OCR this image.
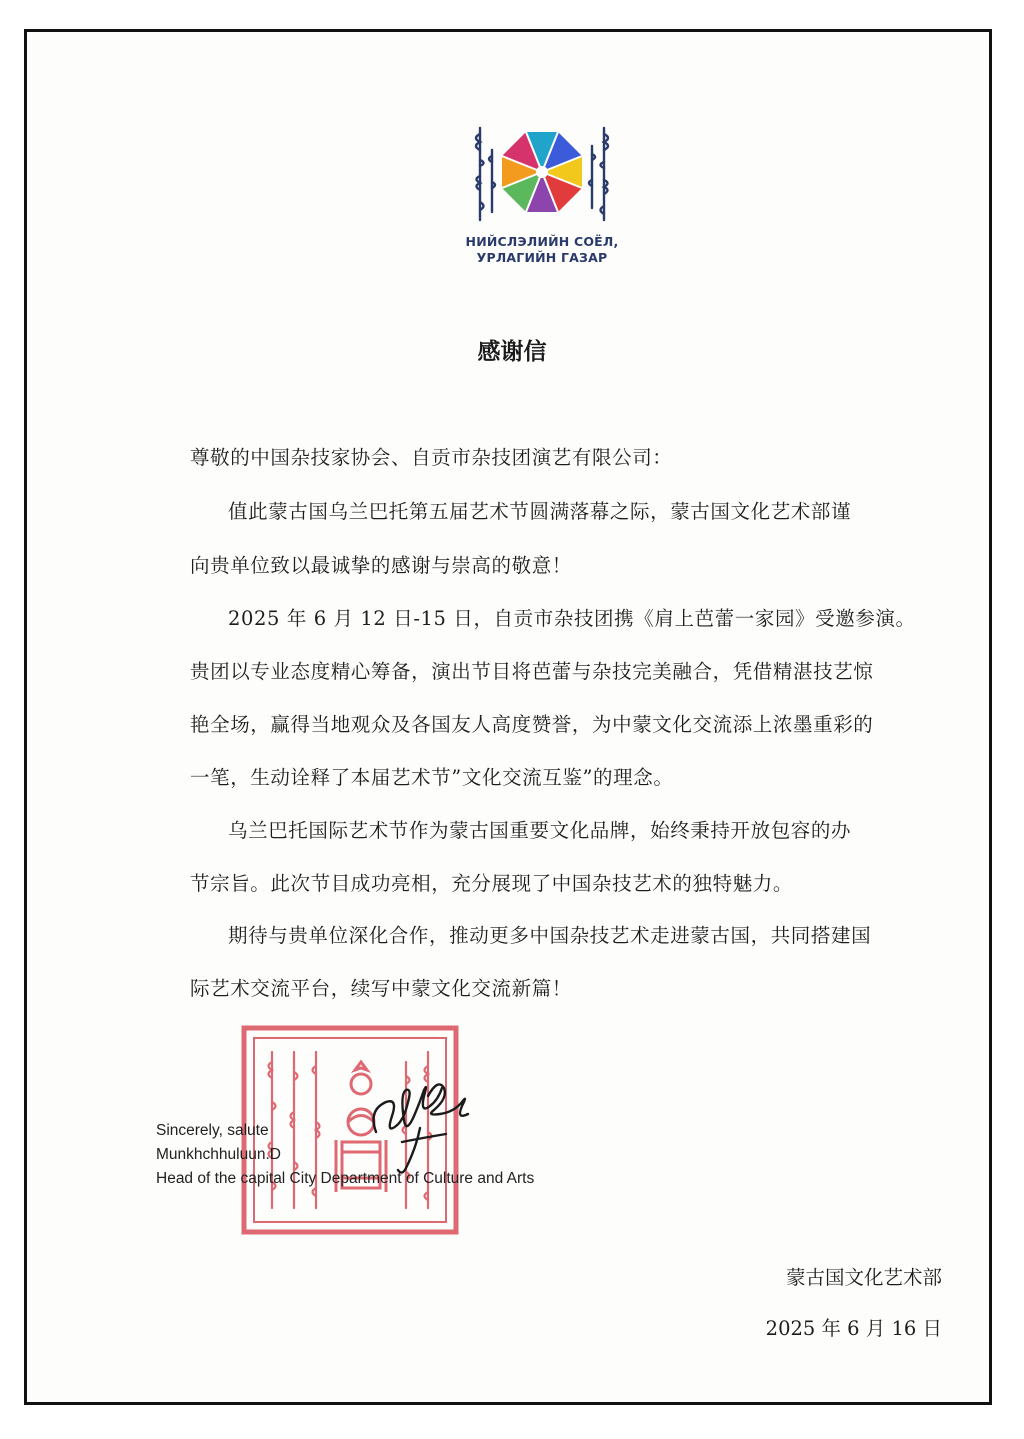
НИЙСЛЭЛИЙН СОЁЛ,
УРЛАГИЙН ГАЗАР
感谢信
尊敬的中国杂技家协会、自贡市杂技团演艺有限公司：
值此蒙古国乌兰巴托第五届艺术节圆满落幕之际，蒙古国文化艺术部谨
向贵单位致以最诚挚的感谢与崇高的敬意！
2025 年 6 月 12 日-15 日，自贡市杂技团携《肩上芭蕾一家园》受邀参演。
贵团以专业态度精心筹备，演出节目将芭蕾与杂技完美融合，凭借精湛技艺惊
艳全场，赢得当地观众及各国友人高度赞誉，为中蒙文化交流添上浓墨重彩的
一笔，生动诠释了本届艺术节”文化交流互鉴”的理念。
乌兰巴托国际艺术节作为蒙古国重要文化品牌，始终秉持开放包容的办
节宗旨。此次节目成功亮相，充分展现了中国杂技艺术的独特魅力。
期待与贵单位深化合作，推动更多中国杂技艺术走进蒙古国，共同搭建国
际艺术交流平台，续写中蒙文化交流新篇！
Sincerely, salute
Munkhchhuluun.D
Head of the capital City Department of Culture and Arts
蒙古国文化艺术部
2025 年 6 月 16 日
